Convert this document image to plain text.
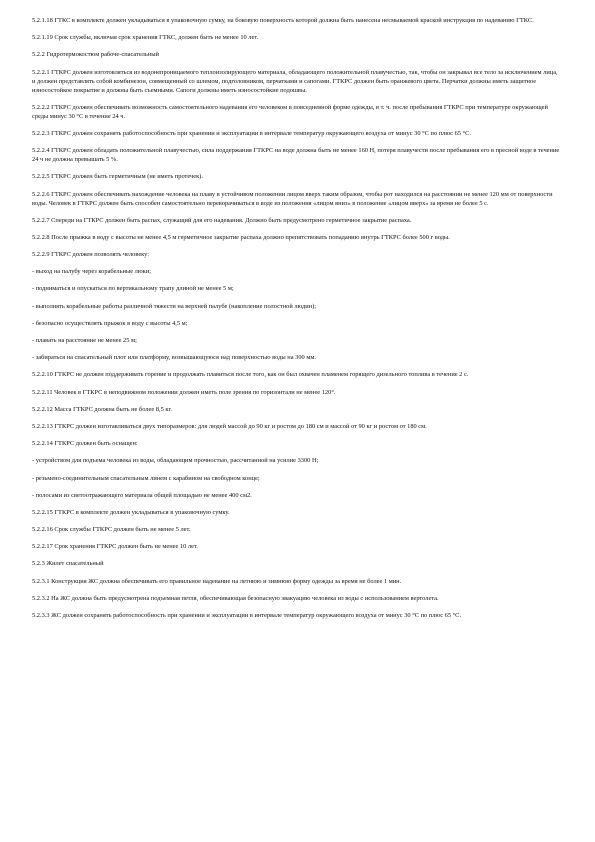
5.2.1.18 ГТКС в комплекте должен укладываться в упаковочную сумку, на боковую поверхность которой должна быть нанесена несмываемой краской инструкция по надеванию ГТКС.

5.2.1.19 Срок службы, включая срок хранения ГТКС, должен быть не менее 10 лет.

5.2.2 Гидротермокостюм рабоче-спасательный

5.2.2.1 ГТКРС должен изготовляться из водонепроницаемого теплоизолирующего материала, обладающего положительной плавучестью, так, чтобы он закрывал все тело за исключением лица, и должен представлять собой комбинезон, совмещенный со шлемом, подголовником, перчатками и сапогами. ГТКРС должен быть оранжевого цвета. Перчатки должны иметь защитное износостойкое покрытие и должны быть съемными. Сапоги должны иметь износостойкие подошвы.

5.2.2.2 ГТКРС должен обеспечивать возможность самостоятельного надевания его человеком в повседневной форме одежды, в т. ч. после пребывания ГТКРС при температуре окружающей среды минус 30 °С в течение 24 ч.

5.2.2.3 ГТКРС должен сохранять работоспособность при хранении и эксплуатации в интервале температур окружающего воздуха от минус 30 °С по плюс 65 °С.

5.2.2.4 ГТКРС должен обладать положительной плавучестью, сила поддержания ГТКРС на воде должна быть не менее 160 Н, потеря плавучести после пребывания его в пресной воде в течение 24 ч не должна превышать 5 %.

5.2.2.5 ГТКРС должен быть герметичным (не иметь протечек).

5.2.2.6 ГТКРС должен обеспечивать нахождение человека на плаву в устойчивом положении лицом вверх таким образом, чтобы рот находился на расстоянии не менее 120 мм от поверхности воды. Человек в ГТКРС должен быть способен самостоятельно переворачиваться в воде из положения «лицом вниз» в положение «лицом вверх» за время не более 5 с.

5.2.2.7 Спереди на ГТКРС должен быть распах, служащий для его надевания. Должно быть предусмотрено герметичное закрытие распаха.

5.2.2.8 После прыжка в воду с высоты не менее 4,5 м герметичное закрытие распаха должно препятствовать попаданию внутрь ГТКРС более 500 г воды.

5.2.2.9 ГТКРС должен позволять человеку:

- выход на палубу через корабельные люки;

- подниматься и опускаться по вертикальному трапу длиной не менее 5 м;

- выполнять корабельные работы различной тяжести на верхней палубе (накопление полостной людин);

- безопасно осуществлять прыжок в воду с высоты 4,5 м;

- плавать на расстояние не менее 25 м;

- забираться на спасательный плот или платформу, возвышающуюся над поверхностью воды на 300 мм.

5.2.2.10 ГТКРС не должен поддерживать горение и продолжать плавиться после того, как он был охвачен пламенем горящего дизельного топлива в течение 2 с.

5.2.2.11 Человек в ГТКРС в неподвижном положении должен иметь поле зрения по горизонтали не менее 120°.

5.2.2.12 Масса ГТКРС должна быть не более 8,5 кг.

5.2.2.13 ГТКРС должен изготавливаться двух типоразмеров: для людей массой до 90 кг и ростом до 180 см и массой от 90 кг и ростом от 180 см.

5.2.2.14 ГТКРС должен быть оснащен:

- устройством для подъема человека из воды, обладающим прочностью, рассчитанной на усилие 3300 Н;

- резьмено-соединительным спасательным линем с карабином на свободном конце;

- полосами из светоотражающего материала общей площадью не менее 400 см2.

5.2.2.15 ГТКРС в комплекте должен укладываться в упаковочную сумку.

5.2.2.16 Срок службы ГТКРС должен быть не менее 5 лет.

5.2.2.17 Срок хранения ГТКРС должен быть не менее 10 лет.

5.2.3 Жилет спасательный

5.2.3.1 Конструкция ЖС должна обеспечивать его правильное надевание на летнюю и зимнюю форму одежды за время не более 1 мин.

5.2.3.2 На ЖС должна быть предусмотрена подъемная петля, обеспечивающая безопасную эвакуацию человека из воды с использованием вертолета.

5.2.3.3 ЖС должен сохранять работоспособность при хранении и эксплуатации в интервале температур окружающего воздуха от минус 30 °С по плюс 65 °С.
